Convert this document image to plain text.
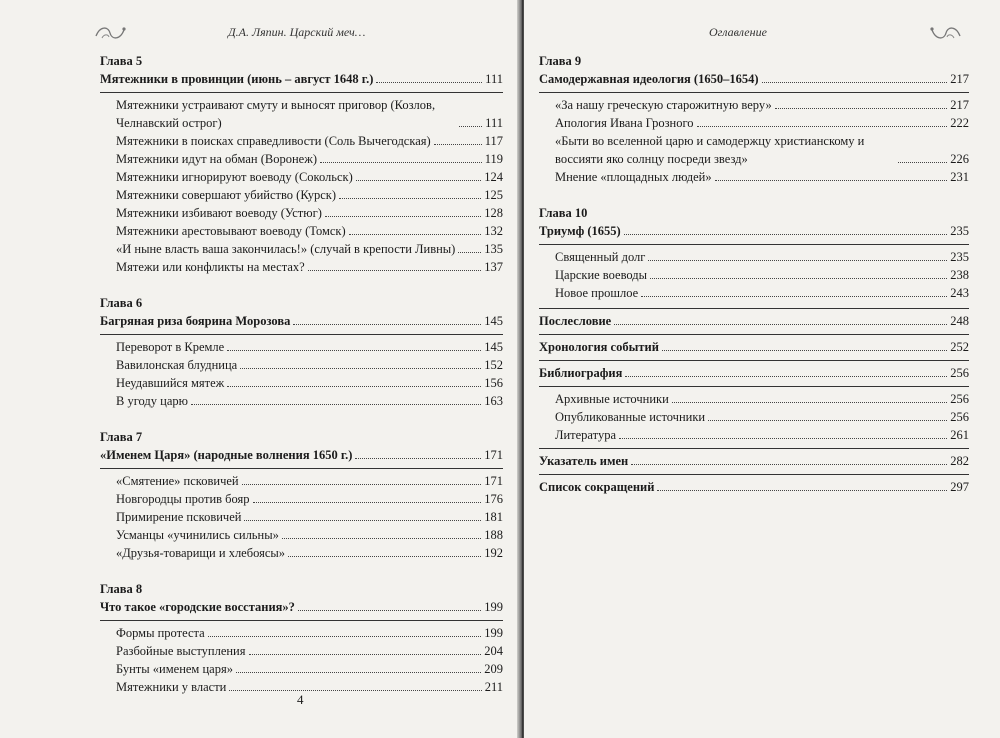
Д.А. Ляпин. Царский меч…
Глава 5
Мятежники в провинции (июнь – август 1648 г.)	111
Мятежники устраивают смуту и выносят приговор (Козлов, Челнавский острог)	111
Мятежники в поисках справедливости (Соль Вычегодская)	117
Мятежники идут на обман (Воронеж)	119
Мятежники игнорируют воеводу (Сокольск)	124
Мятежники совершают убийство (Курск)	125
Мятежники избивают воеводу (Устюг)	128
Мятежники арестовывают воеводу (Томск)	132
«И ныне власть ваша закончилась!» (случай в крепости Ливны) 135
Мятежи или конфликты на местах?	137
Глава 6
Багряная риза боярина Морозова	145
Переворот в Кремле	145
Вавилонская блудница	152
Неудавшийся мятеж	156
В угоду царю	163
Глава 7
«Именем Царя» (народные волнения 1650 г.)	171
«Смятение» псковичей	171
Новгородцы против бояр	176
Примирение псковичей	181
Усманцы «учинились сильны»	188
«Друзья-товарищи и хлебоясы»	192
Глава 8
Что такое «городские восстания»?	199
Формы протеста	199
Разбойные выступления	204
Бунты «именем царя»	209
Мятежники у власти	211
4
Оглавление
Глава 9
Самодержавная идеология (1650–1654)	217
«За нашу греческую старожитную веру»	217
Апология Ивана Грозного	222
«Быти во вселенной царю и самодержцу христианскому и воссияти яко солнцу посреди звезд»	226
Мнение «площадных людей»	231
Глава 10
Триумф (1655)	235
Священный долг	235
Царские воеводы	238
Новое прошлое	243
Послесловие	248
Хронология событий	252
Библиография	256
Архивные источники	256
Опубликованные источники	256
Литература	261
Указатель имен	282
Список сокращений	297
